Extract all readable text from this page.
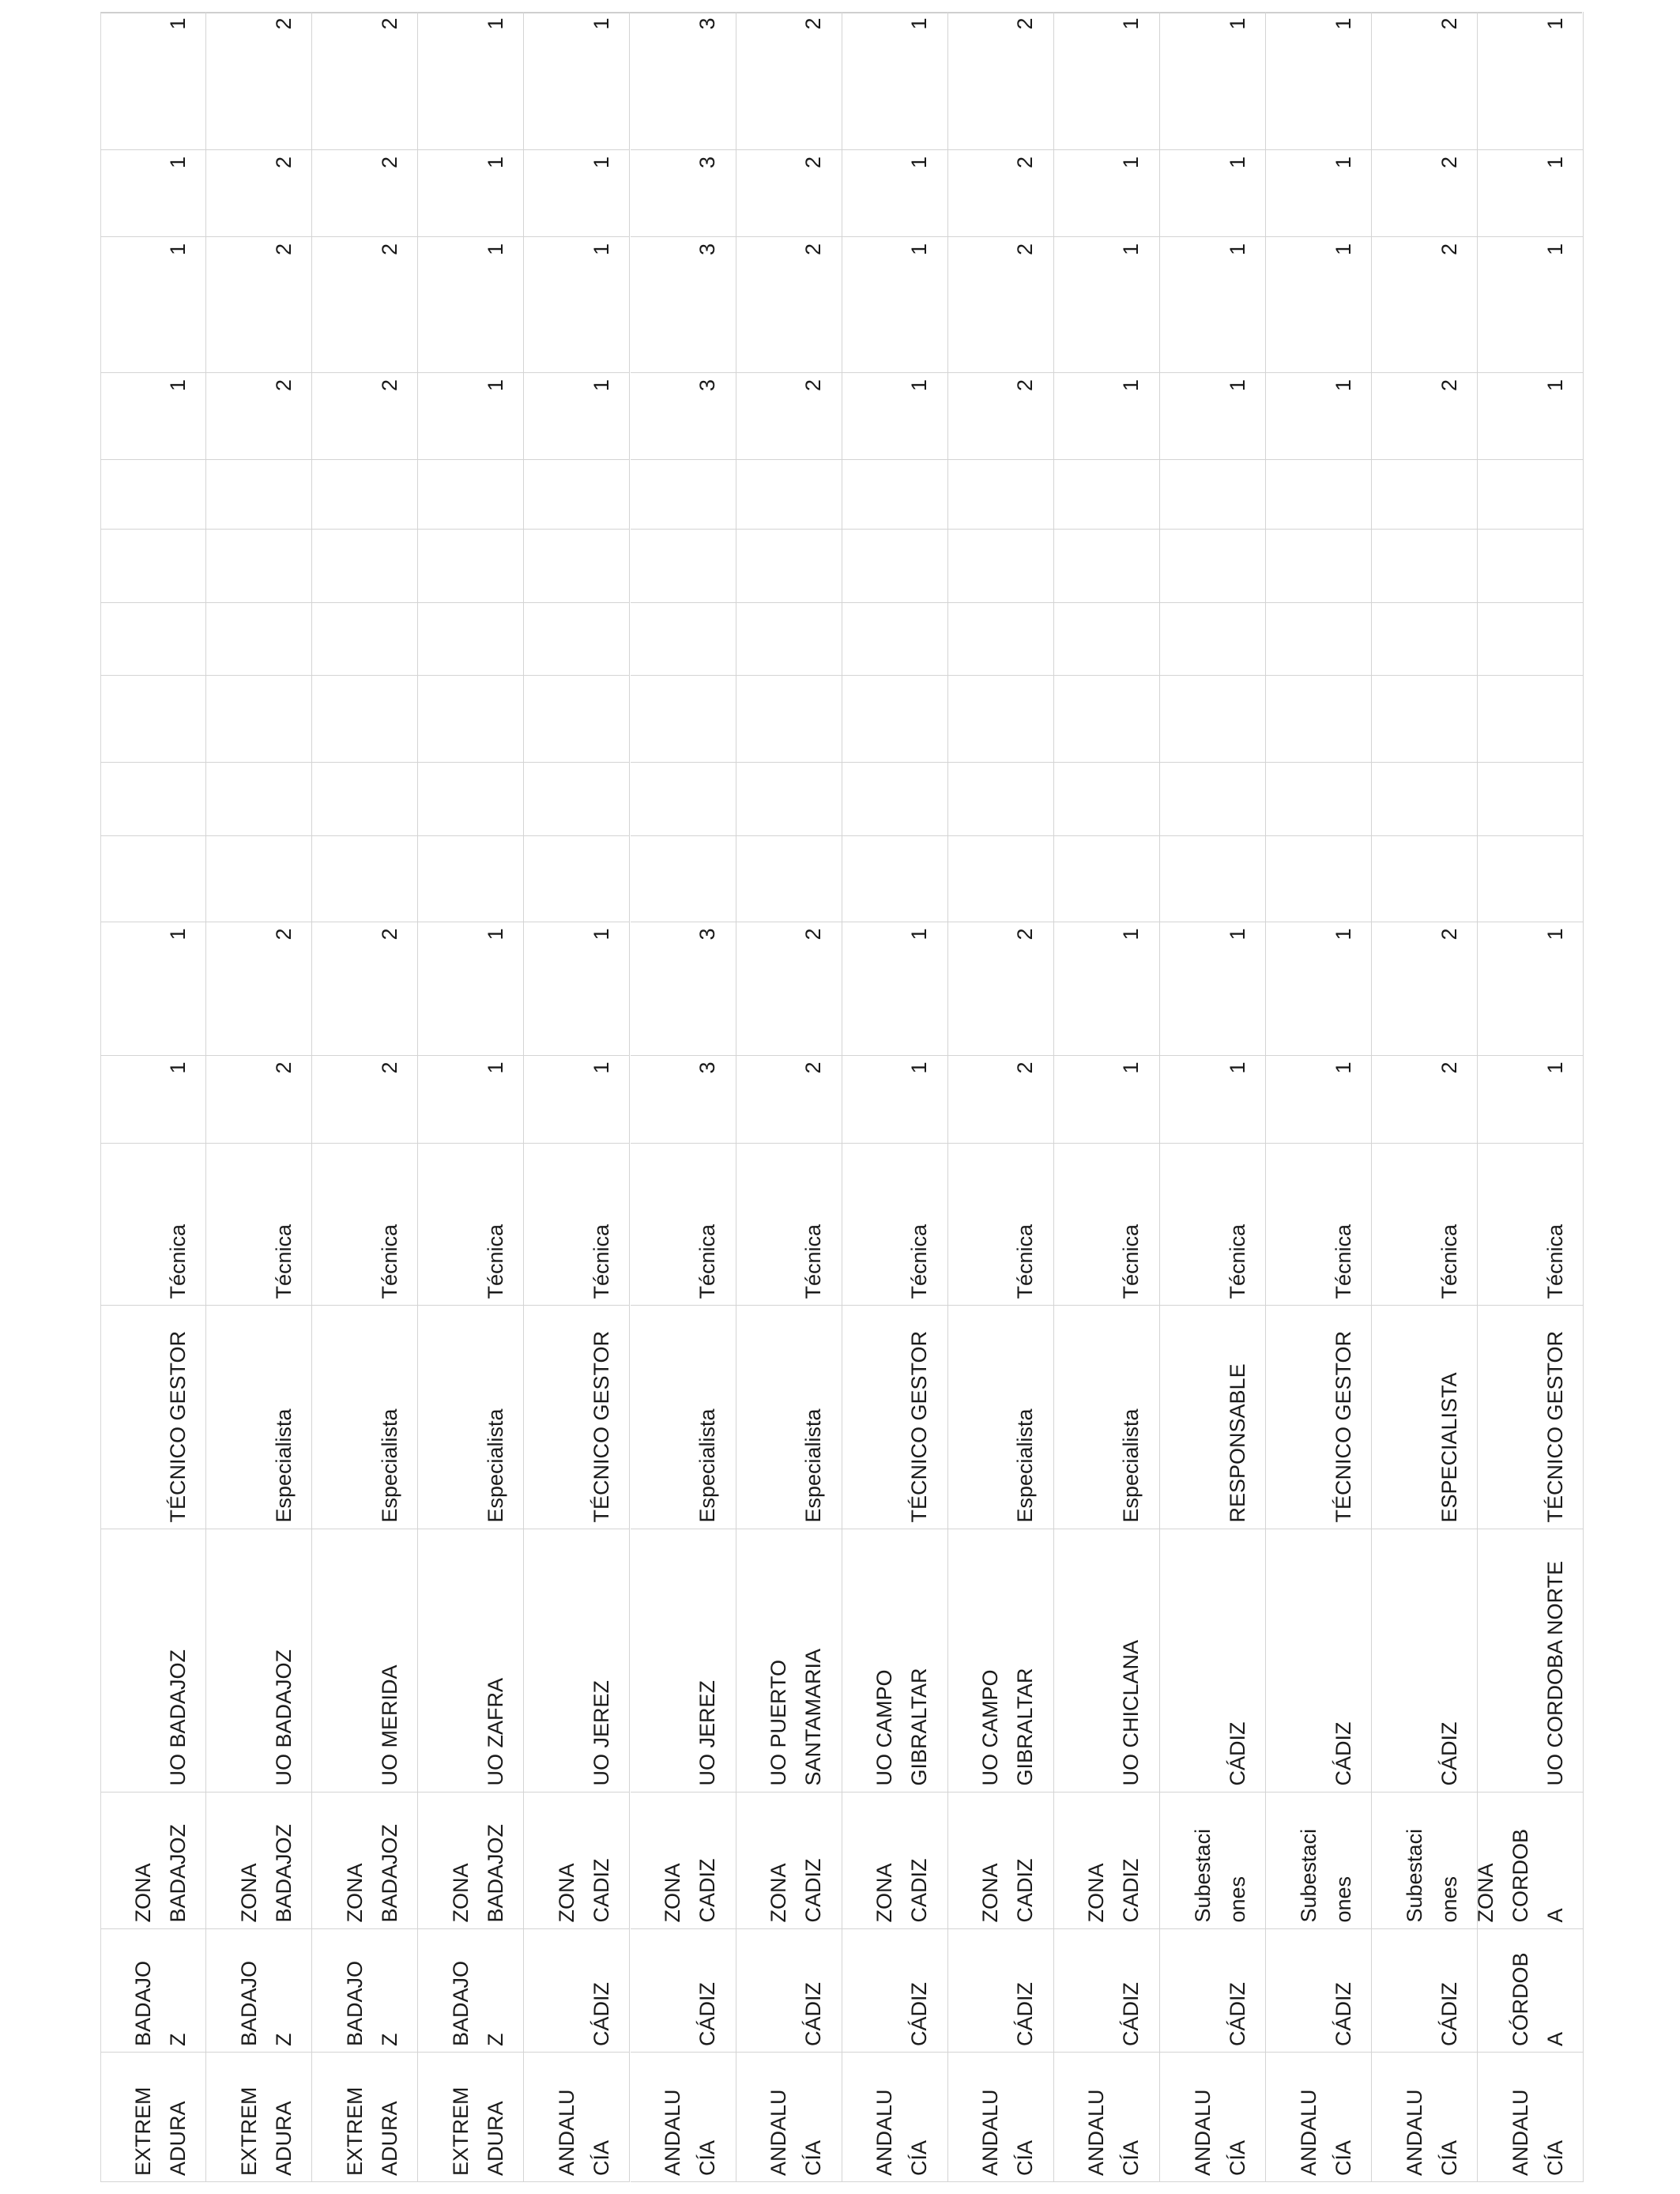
EXTREM
ADURA
BADAJO
Z
ZONA
BADAJOZ
UO BADAJOZ
TÉCNICO GESTOR
Técnica
1
1
1
1
1
1
EXTREM
ADURA
BADAJO
Z
ZONA
BADAJOZ
UO BADAJOZ
Especialista
Técnica
2
2
2
2
2
2
EXTREM
ADURA
BADAJO
Z
ZONA
BADAJOZ
UO MERIDA
Especialista
Técnica
2
2
2
2
2
2
EXTREM
ADURA
BADAJO
Z
ZONA
BADAJOZ
UO ZAFRA
Especialista
Técnica
1
1
1
1
1
1
ANDALU
CÍA
CÁDIZ
ZONA
CADIZ
UO JEREZ
TÉCNICO GESTOR
Técnica
1
1
1
1
1
1
ANDALU
CÍA
CÁDIZ
ZONA
CADIZ
UO JEREZ
Especialista
Técnica
3
3
3
3
3
3
ANDALU
CÍA
CÁDIZ
ZONA
CADIZ
UO PUERTO
SANTAMARIA
Especialista
Técnica
2
2
2
2
2
2
ANDALU
CÍA
CÁDIZ
ZONA
CADIZ
UO CAMPO
GIBRALTAR
TÉCNICO GESTOR
Técnica
1
1
1
1
1
1
ANDALU
CÍA
CÁDIZ
ZONA
CADIZ
UO CAMPO
GIBRALTAR
Especialista
Técnica
2
2
2
2
2
2
ANDALU
CÍA
CÁDIZ
ZONA
CADIZ
UO CHICLANA
Especialista
Técnica
1
1
1
1
1
1
ANDALU
CÍA
CÁDIZ
Subestaci
ones
CÁDIZ
RESPONSABLE
Técnica
1
1
1
1
1
1
ANDALU
CÍA
CÁDIZ
Subestaci
ones
CÁDIZ
TÉCNICO GESTOR
Técnica
1
1
1
1
1
1
ANDALU
CÍA
CÁDIZ
Subestaci
ones
CÁDIZ
ESPECIALISTA
Técnica
2
2
2
2
2
2
ANDALU
CÍA
CÓRDOB
A
ZONA
CORDOB
A
UO CORDOBA NORTE
TÉCNICO GESTOR
Técnica
1
1
1
1
1
1
